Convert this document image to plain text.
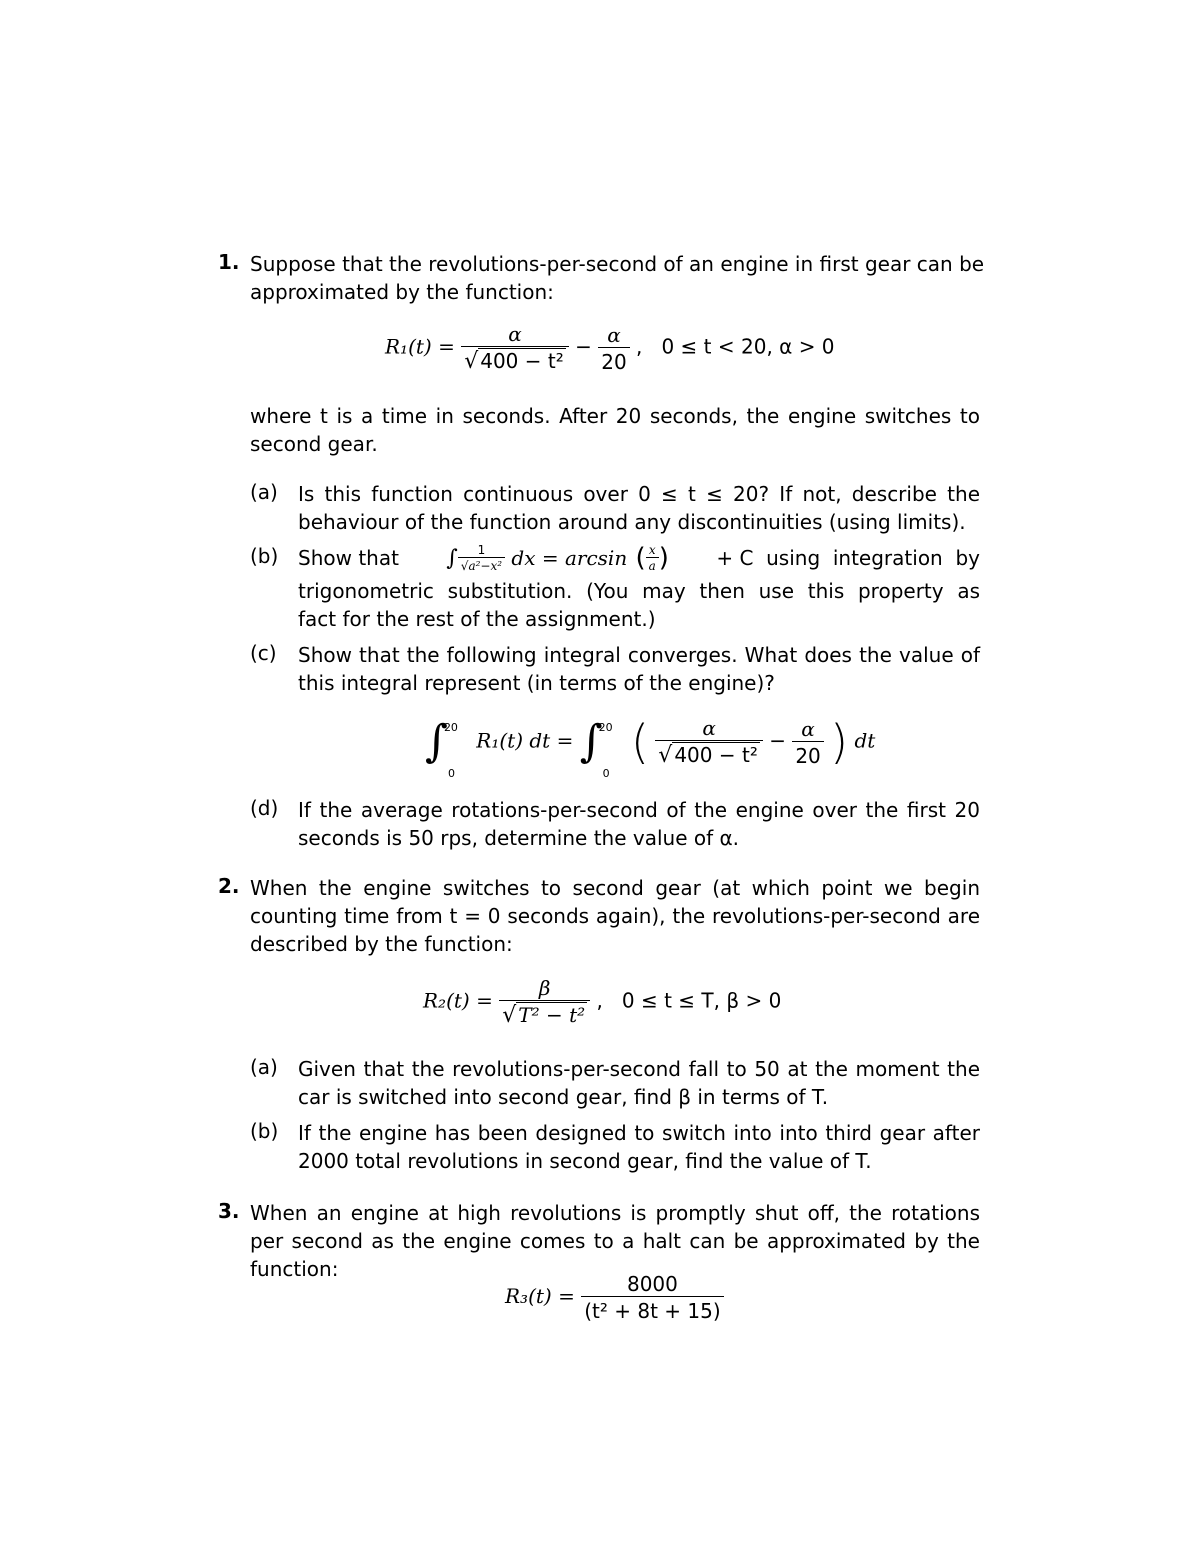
1. Suppose that the revolutions-per-second of an engine in first gear can be
approximated by the function:
$R_1(t) = \frac{\alpha}{\text{√ 400 − t²}} - \frac{\alpha}{20}$ ,   0 ≤ t < 20, α > 0
where t is a time in seconds. After 20 seconds, the engine switches to
second gear.
(a) Is this function continuous over 0 ≤ t ≤ 20? If not, describe the
behaviour of the function around any discontinuities (using limits).
(b) Show that ∫ $\frac{1}{\text{√a²−x²}}$
dx = arcsin ( $\frac{x}{a}$ ) + C  using  integration  by
trigonometric substitution. (You may then use this property as
fact for the rest of the assignment.)
(c) Show that the following integral converges. What does the value of
this integral represent (in terms of the engine)?
$\int 20_0$ R₁(t) dt = $\int 20_0$ ( $\frac{\alpha}{\text{√ 400 − t²}} - \frac{\alpha}{20}$ ) dt
(d) If the average rotations-per-second of the engine over the first 20
seconds is 50 rps, determine the value of α.
2. When the engine switches to second gear (at which point we begin
counting time from t = 0 seconds again), the revolutions-per-second are
described by the function:
$R_2(t) = \frac{\beta}{\text{√ T² − t²}}$ ,   0 ≤ t ≤ T, β > 0
(a) Given that the revolutions-per-second fall to 50 at the moment the
car is switched into second gear, find β in terms of T.
(b) If the engine has been designed to switch into into third gear after
2000 total revolutions in second gear, find the value of T.
3. When an engine at high revolutions is promptly shut off, the rotations
per second as the engine comes to a halt can be approximated by the
function:
$R_3(t) = \frac{8000}{\text{(t² + 8t + 15)}}$
